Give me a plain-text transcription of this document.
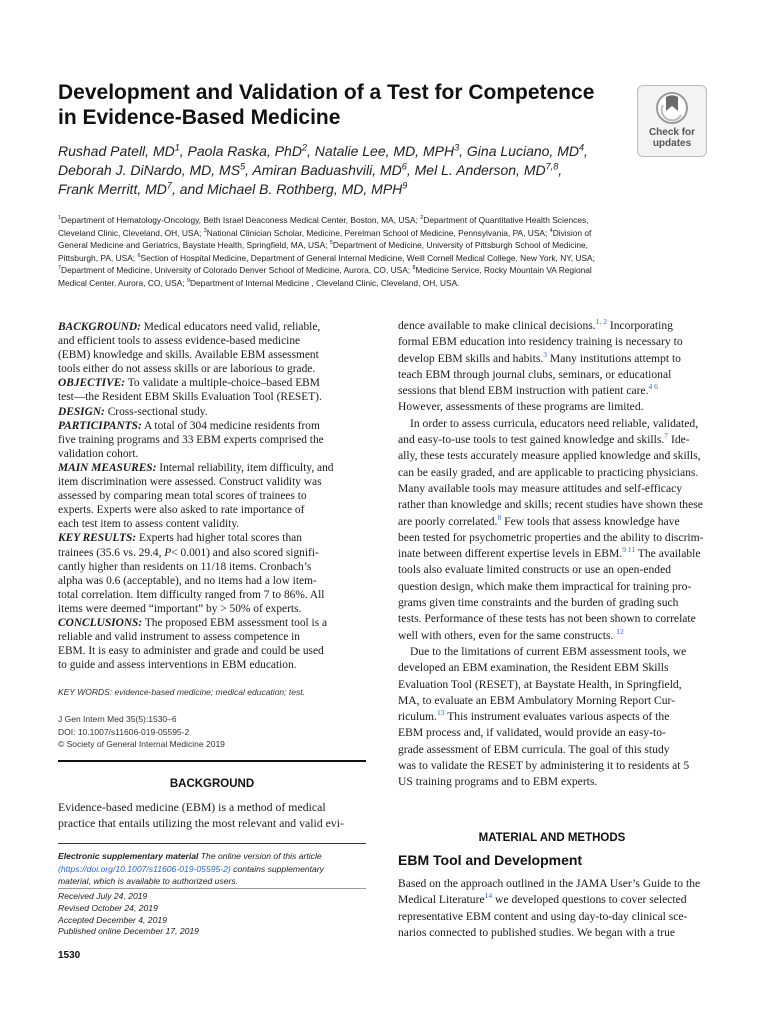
Development and Validation of a Test for Competence
in Evidence-Based Medicine
Check for
updates
Rushad Patell, $MD^1$, Paola Raska, PhD$^2$, Natalie Lee, MD, MPH$^3$, Gina Luciano, $MD^4$,
Deborah J. DiNardo, MD, $MS^5$, Amiran Baduashvili, $MD^6$, Mel L. Anderson, MD$^{7,8}$,
Frank Merritt, $MD^7$, and Michael B. Rothberg, MD, MPH$^9$
$^1$Department of Hematology-Oncology, Beth Israel Deaconess Medical Center, Boston, MA, USA; $^2$Department of Quantitative Health Sciences,
Cleveland Clinic, Cleveland, OH, USA; $^3$National Clinician Scholar, Medicine, Perelman School of Medicine, Pennsylvania, PA, USA; $^4$Division of
General Medicine and Geriatrics, Baystate Health, Springfield, MA, USA; $^5$Department of Medicine, University of Pittsburgh School of Medicine,
Pittsburgh, PA, USA; $^6$Section of Hospital Medicine, Department of General Internal Medicine, Weill Cornell Medical College, New York, NY, USA;
$^7$Department of Medicine, University of Colorado Denver School of Medicine, Aurora, CO, USA; $^8$Medicine Service, Rocky Mountain VA Regional
Medical Center, Aurora, CO, USA; $^9$Department of Internal Medicine , Cleveland Clinic, Cleveland, OH, USA.
BACKGROUND: Medical educators need valid, reliable,
and efficient tools to assess evidence-based medicine
(EBM) knowledge and skills. Available EBM assessment
tools either do not assess skills or are laborious to grade.
OBJECTIVE: To validate a multiple-choice–based EBM
test—the Resident EBM Skills Evaluation Tool (RESET).
DESIGN: Cross-sectional study.
PARTICIPANTS: A total of 304 medicine residents from
five training programs and 33 EBM experts comprised the
validation cohort.
MAIN MEASURES: Internal reliability, item difficulty, and
item discrimination were assessed. Construct validity was
assessed by comparing mean total scores of trainees to
experts. Experts were also asked to rate importance of
each test item to assess content validity.
KEY RESULTS: Experts had higher total scores than
trainees (35.6 vs. 29.4, P< 0.001) and also scored signifi-
cantly higher than residents on 11/18 items. Cronbach’s
alpha was 0.6 (acceptable), and no items had a low item-
total correlation. Item difficulty ranged from 7 to 86%. All
items were deemed “important” by > 50% of experts.
CONCLUSIONS: The proposed EBM assessment tool is a
reliable and valid instrument to assess competence in
EBM. It is easy to administer and grade and could be used
to guide and assess interventions in EBM education.
KEY WORDS: evidence-based medicine; medical education; test.
J Gen Intern Med 35(5):1530–6
DOI: 10.1007/s11606-019-05595-2
© Society of General Internal Medicine 2019
BACKGROUND
Evidence-based medicine (EBM) is a method of medical
practice that entails utilizing the most relevant and valid evi-
Electronic supplementary material The online version of this article
(https://doi.org/10.1007/s11606-019-05595-2) contains supplementary
material, which is available to authorized users.
Received July 24, 2019
Revised October 24, 2019
Accepted December 4, 2019
Published online December 17, 2019
1530
dence available to make clinical decisions.$^{1, 2}$ Incorporating
formal EBM education into residency training is necessary to
develop EBM skills and habits.$^3$ Many institutions attempt to
teach EBM through journal clubs, seminars, or educational
sessions that blend EBM instruction with patient care.$^{4 6}$
However, assessments of these programs are limited.
In order to assess curricula, educators need reliable, validated,
and easy-to-use tools to test gained knowledge and skills.$^7$ Ide-
ally, these tests accurately measure applied knowledge and skills,
can be easily graded, and are applicable to practicing physicians.
Many available tools may measure attitudes and self-efficacy
rather than knowledge and skills; recent studies have shown these
are poorly correlated.$^8$ Few tools that assess knowledge have
been tested for psychometric properties and the ability to discrim-
inate between different expertise levels in EBM.$^{9 11}$ The available
tools also evaluate limited constructs or use an open-ended
question design, which make them impractical for training pro-
grams given time constraints and the burden of grading such
tests. Performance of these tests has not been shown to correlate
well with others, even for the same constructs. $^{12}$
Due to the limitations of current EBM assessment tools, we
developed an EBM examination, the Resident EBM Skills
Evaluation Tool (RESET), at Baystate Health, in Springfield,
MA, to evaluate an EBM Ambulatory Morning Report Cur-
riculum.$^{13}$ This instrument evaluates various aspects of the
EBM process and, if validated, would provide an easy-to-
grade assessment of EBM curricula. The goal of this study
was to validate the RESET by administering it to residents at 5
US training programs and to EBM experts.
MATERIAL AND METHODS
EBM Tool and Development
Based on the approach outlined in the JAMA User’s Guide to the
Medical Literature$^{14}$ we developed questions to cover selected
representative EBM content and using day-to-day clinical sce-
narios connected to published studies. We began with a true
